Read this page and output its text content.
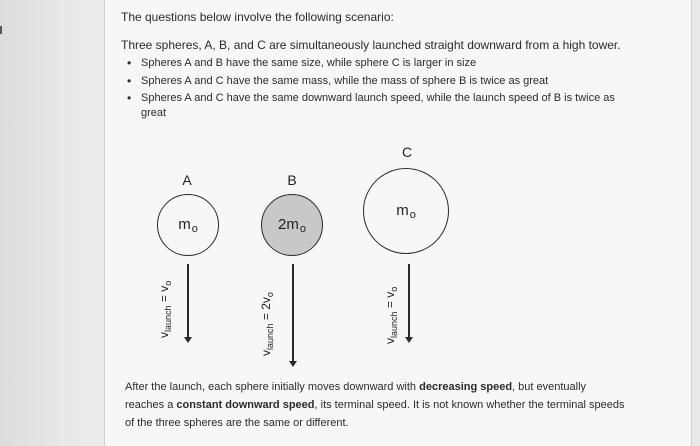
The questions below involve the following scenario:

Three spheres, A, B, and C are simultaneously launched straight downward from a high tower.

• Spheres A and B have the same size, while sphere C is larger in size
• Spheres A and C have the same mass, while the mass of sphere B is twice as great
• Spheres A and C have the same downward launch speed, while the launch speed of B is twice as great
A
$m_o$
$v_{launch} = v_o$
B
$2m_o$
$v_{launch} = 2v_o$
C
$m_o$
$v_{launch} = v_o$

After the launch, each sphere initially moves downward with decreasing speed, but eventually reaches a constant downward speed, its terminal speed. It is not known whether the terminal speeds of the three spheres are the same or different.
